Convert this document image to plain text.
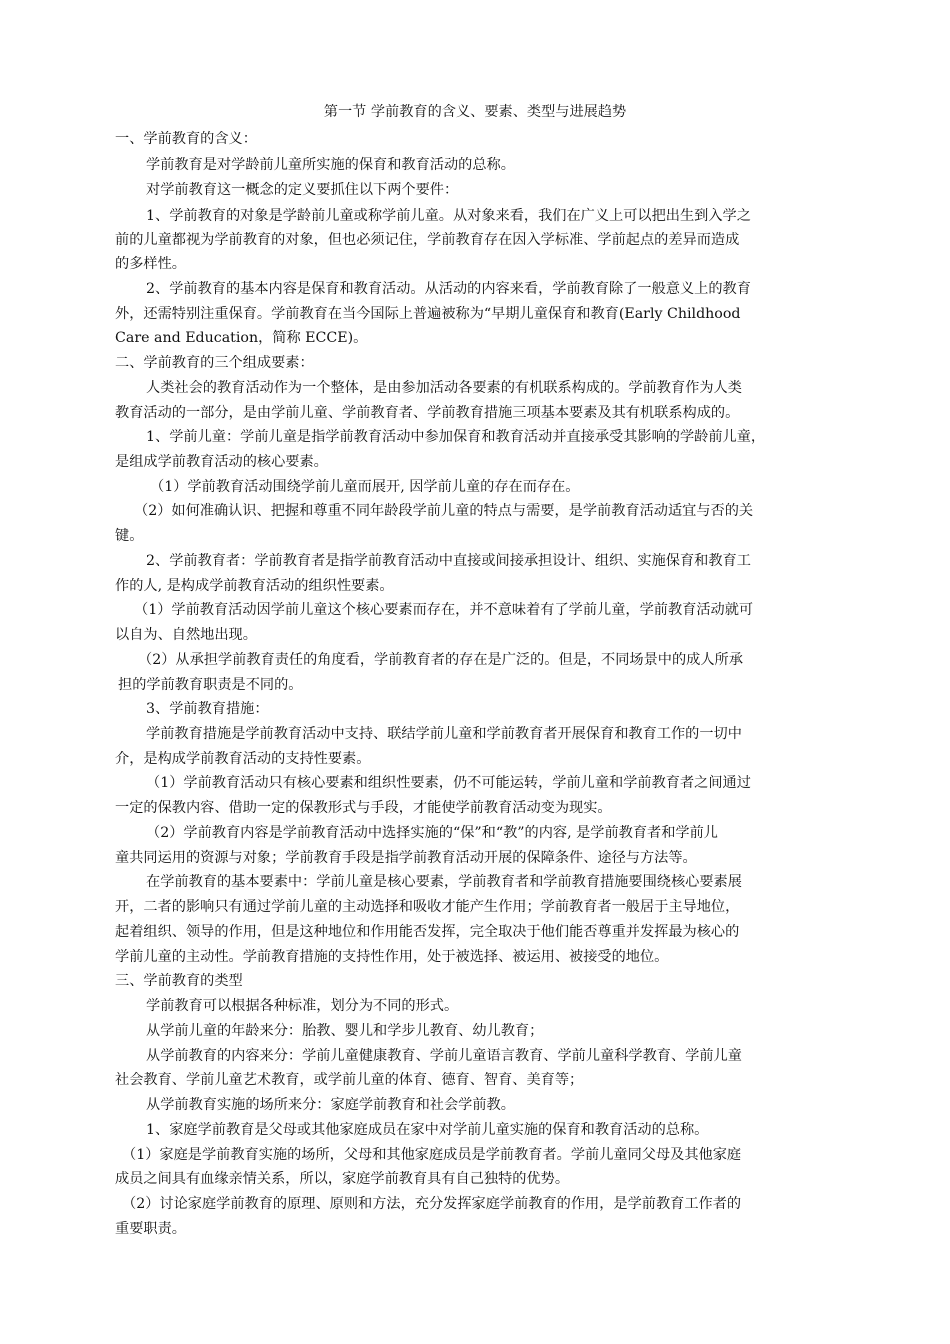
第一节 学前教育的含义、要素、类型与进展趋势
一、学前教育的含义：
学前教育是对学龄前儿童所实施的保育和教育活动的总称。
对学前教育这一概念的定义要抓住以下两个要件：
1、学前教育的对象是学龄前儿童或称学前儿童。从对象来看，我们在广义上可以把出生到入学之
前的儿童都视为学前教育的对象，但也必须记住，学前教育存在因入学标准、学前起点的差异而造成
的多样性。
2、学前教育的基本内容是保育和教育活动。从活动的内容来看，学前教育除了一般意义上的教育
外，还需特别注重保育。学前教育在当今国际上普遍被称为“早期儿童保育和教育(Early Childhood
Care and Education，简称 ECCE)。
二、学前教育的三个组成要素：
人类社会的教育活动作为一个整体，是由参加活动各要素的有机联系构成的。学前教育作为人类
教育活动的一部分，是由学前儿童、学前教育者、学前教育措施三项基本要素及其有机联系构成的。
1、学前儿童：学前儿童是指学前教育活动中参加保育和教育活动并直接承受其影响的学龄前儿童，
是组成学前教育活动的核心要素。
（1）学前教育活动围绕学前儿童而展开, 因学前儿童的存在而存在。
（2）如何准确认识、把握和尊重不同年龄段学前儿童的特点与需要，是学前教育活动适宜与否的关
键。
2、学前教育者：学前教育者是指学前教育活动中直接或间接承担设计、组织、实施保育和教育工
作的人, 是构成学前教育活动的组织性要素。
（1）学前教育活动因学前儿童这个核心要素而存在，并不意味着有了学前儿童，学前教育活动就可
以自为、自然地出现。
（2）从承担学前教育责任的角度看，学前教育者的存在是广泛的。但是，不同场景中的成人所承
担的学前教育职责是不同的。
3、学前教育措施：
学前教育措施是学前教育活动中支持、联结学前儿童和学前教育者开展保育和教育工作的一切中
介，是构成学前教育活动的支持性要素。
（1）学前教育活动只有核心要素和组织性要素，仍不可能运转，学前儿童和学前教育者之间通过
一定的保教内容、借助一定的保教形式与手段，才能使学前教育活动变为现实。
（2）学前教育内容是学前教育活动中选择实施的“保”和“教”的内容, 是学前教育者和学前儿
童共同运用的资源与对象；学前教育手段是指学前教育活动开展的保障条件、途径与方法等。
在学前教育的基本要素中：学前儿童是核心要素，学前教育者和学前教育措施要围绕核心要素展
开，二者的影响只有通过学前儿童的主动选择和吸收才能产生作用；学前教育者一般居于主导地位，
起着组织、领导的作用，但是这种地位和作用能否发挥，完全取决于他们能否尊重并发挥最为核心的
学前儿童的主动性。学前教育措施的支持性作用，处于被选择、被运用、被接受的地位。
三、学前教育的类型
学前教育可以根据各种标准，划分为不同的形式。
从学前儿童的年龄来分：胎教、婴儿和学步儿教育、幼儿教育；
从学前教育的内容来分：学前儿童健康教育、学前儿童语言教育、学前儿童科学教育、学前儿童
社会教育、学前儿童艺术教育，或学前儿童的体育、德育、智育、美育等；
从学前教育实施的场所来分：家庭学前教育和社会学前教。
1、家庭学前教育是父母或其他家庭成员在家中对学前儿童实施的保育和教育活动的总称。
（1）家庭是学前教育实施的场所，父母和其他家庭成员是学前教育者。学前儿童同父母及其他家庭
成员之间具有血缘亲情关系，所以，家庭学前教育具有自己独特的优势。
（2）讨论家庭学前教育的原理、原则和方法，充分发挥家庭学前教育的作用，是学前教育工作者的
重要职责。
